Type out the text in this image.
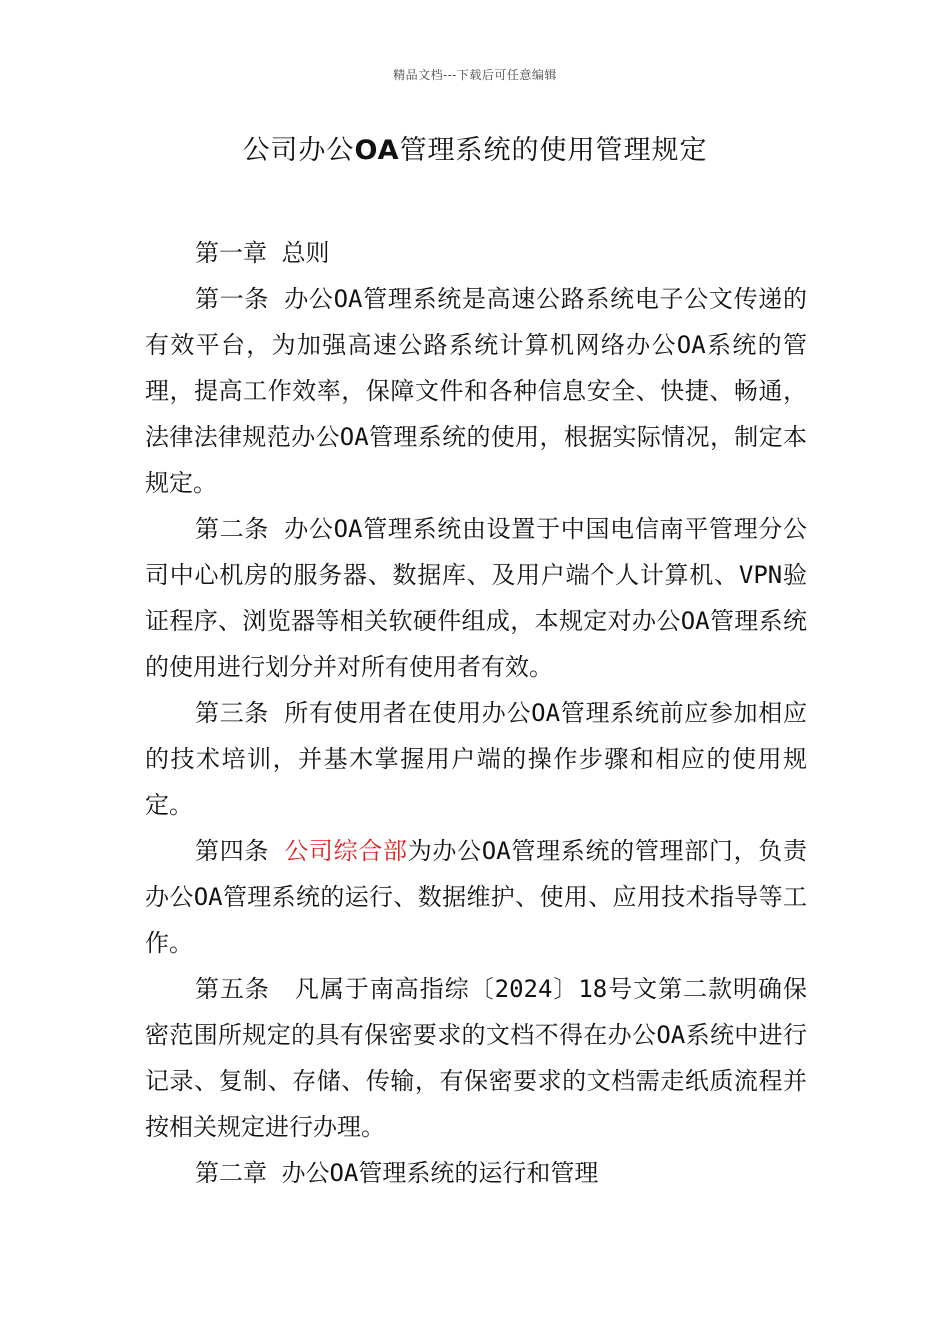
精品文档---下载后可任意编辑
公司办公OA管理系统的使用管理规定

第一章 总则

第一条 办公OA管理系统是高速公路系统电子公文传递的有效平台，为加强高速公路系统计算机网络办公OA系统的管理，提高工作效率，保障文件和各种信息安全、快捷、畅通，法律法律规范办公OA管理系统的使用，根据实际情况，制定本规定。

第二条 办公OA管理系统由设置于中国电信南平管理分公司中心机房的服务器、数据库、及用户端个人计算机、VPN验证程序、浏览器等相关软硬件组成，本规定对办公OA管理系统的使用进行划分并对所有使用者有效。

第三条 所有使用者在使用办公OA管理系统前应参加相应的技术培训，并基木掌握用户端的操作步骤和相应的使用规定。

第四条 公司综合部为办公OA管理系统的管理部门，负责办公OA管理系统的运行、数据维护、使用、应用技术指导等工作。

第五条　凡属于南高指综〔2024〕18号文第二款明确保密范围所规定的具有保密要求的文档不得在办公OA系统中进行记录、复制、存储、传输，有保密要求的文档需走纸质流程并按相关规定进行办理。

第二章 办公OA管理系统的运行和管理
